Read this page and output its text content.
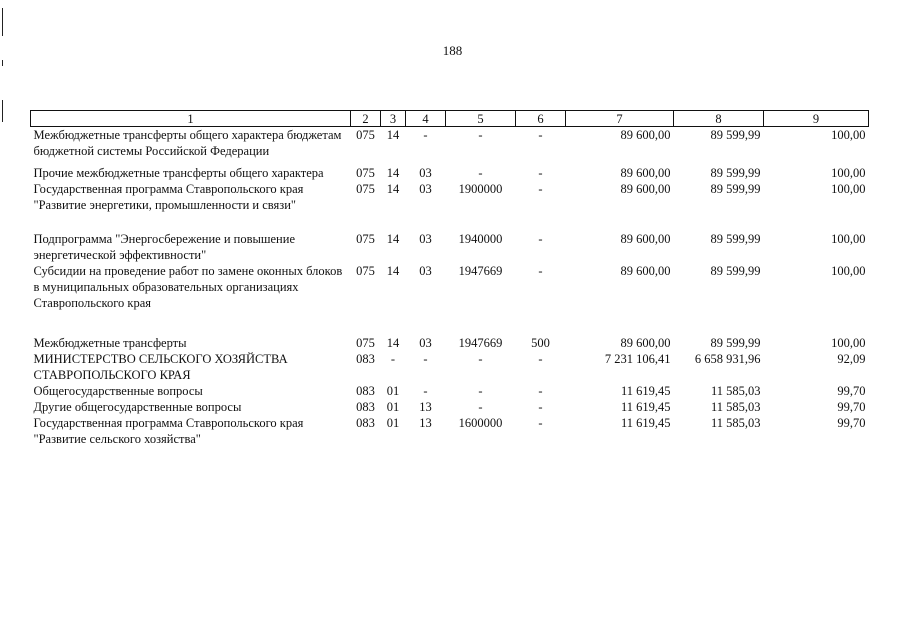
188
1	2	3	4	5	6	7	8	9
Межбюджетные трансферты общего характера бюджетам бюджетной системы Российской Федерации	075	14	-	-	-	89 600,00	89 599,99	100,00
Прочие межбюджетные трансферты общего характера	075	14	03	-	-	89 600,00	89 599,99	100,00
Государственная программа Ставропольского края "Развитие энергетики, промышленности и связи"	075	14	03	1900000	-	89 600,00	89 599,99	100,00
Подпрограмма "Энергосбережение и повышение энергетической эффективности"	075	14	03	1940000	-	89 600,00	89 599,99	100,00
Субсидии на проведение работ по замене оконных блоков в муниципальных образовательных организациях Ставропольского края	075	14	03	1947669	-	89 600,00	89 599,99	100,00
Межбюджетные трансферты	075	14	03	1947669	500	89 600,00	89 599,99	100,00
МИНИСТЕРСТВО СЕЛЬСКОГО ХОЗЯЙСТВА СТАВРОПОЛЬСКОГО КРАЯ	083	-	-	-	-	7 231 106,41	6 658 931,96	92,09
Общегосударственные вопросы	083	01	-	-	-	11 619,45	11 585,03	99,70
Другие общегосударственные вопросы	083	01	13	-	-	11 619,45	11 585,03	99,70
Государственная программа Ставропольского края "Развитие сельского хозяйства"	083	01	13	1600000	-	11 619,45	11 585,03	99,70
